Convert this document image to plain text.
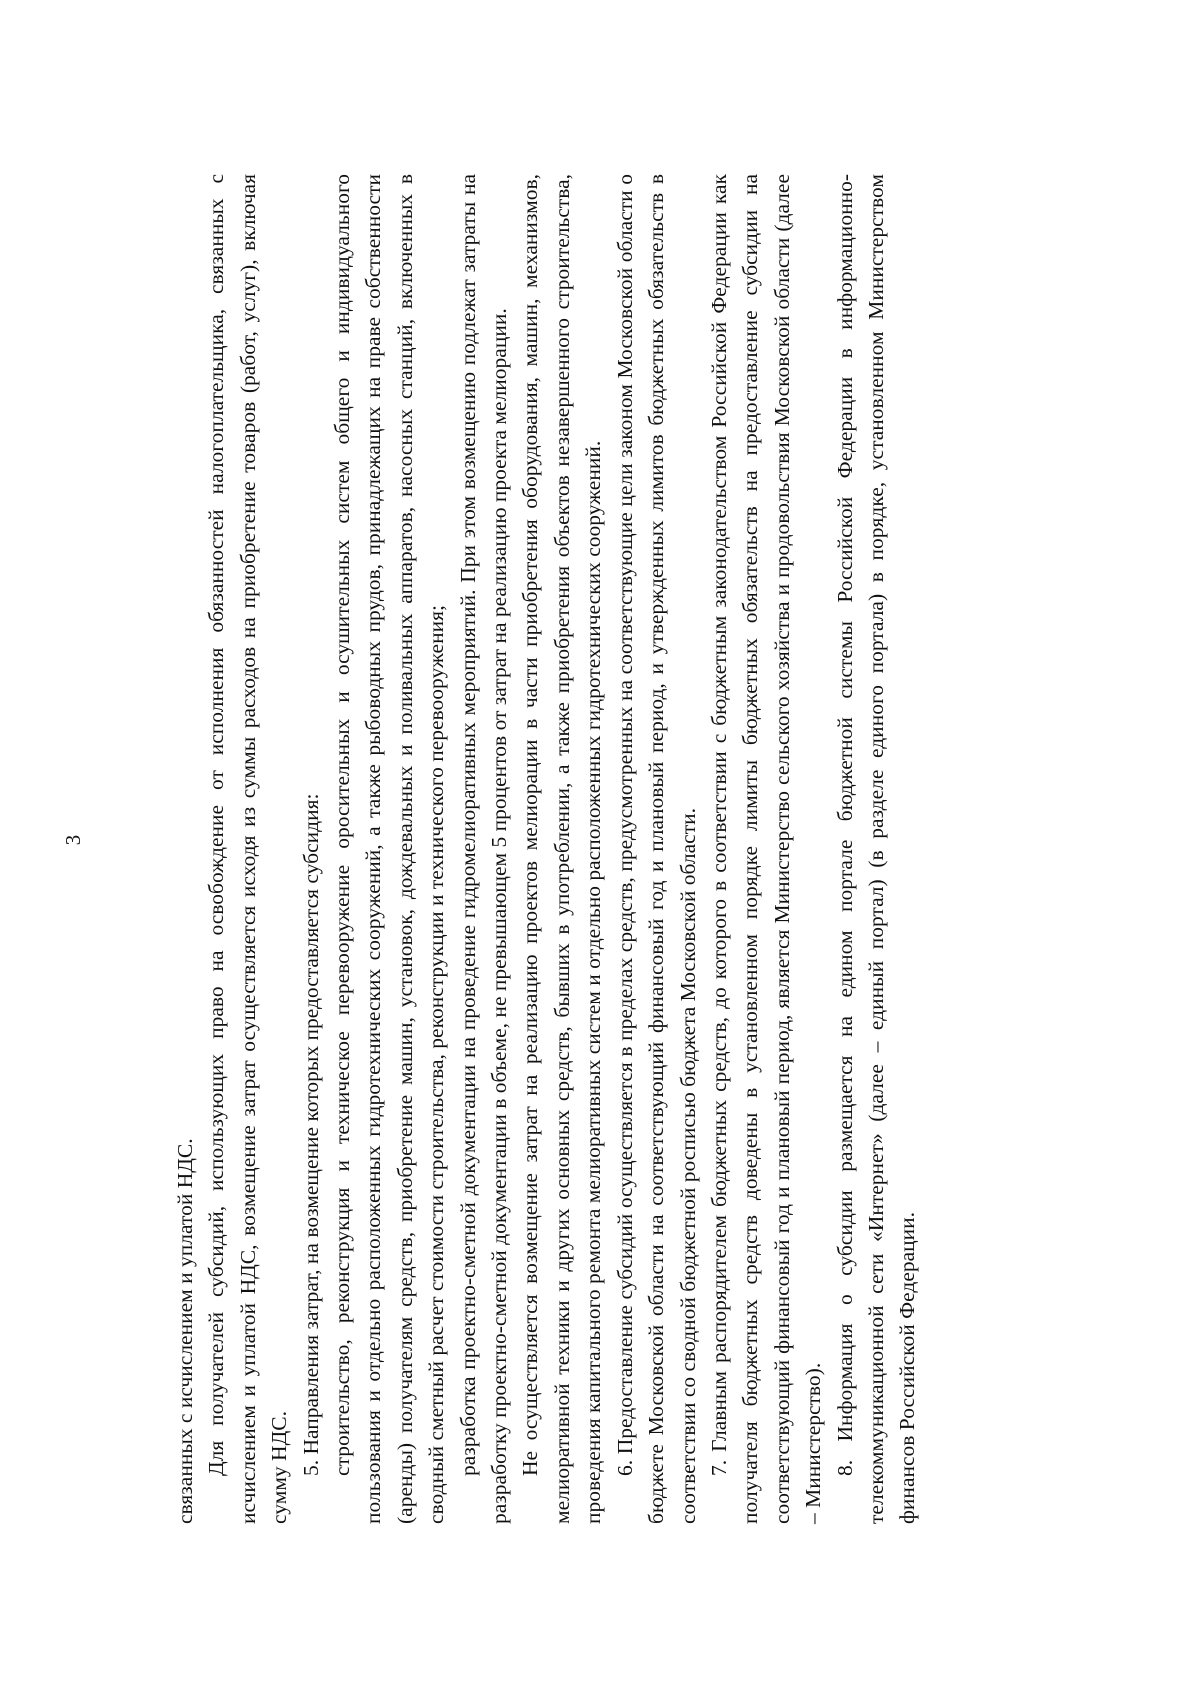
3

связанных с исчислением и уплатой НДС. Для получателей субсидий, использующих право на освобождение от исполнения обязанностей налогоплательщика, связанных с исчислением и уплатой НДС, возмещение затрат осуществляется исходя из суммы расходов на приобретение товаров (работ, услуг), включая сумму НДС. 5. Направления затрат, на возмещение которых предоставляется субсидия: строительство, реконструкция и техническое перевооружение оросительных и осушительных систем общего и индивидуального пользования и отдельно расположенных гидротехнических сооружений, а также рыбоводных прудов, принадлежащих на праве собственности (аренды) получателям средств, приобретение машин, установок, дождевальных и поливальных аппаратов, насосных станций, включенных в сводный сметный расчет стоимости строительства, реконструкции и технического перевооружения; разработка проектно-сметной документации на проведение гидромелиоративных мероприятий. При этом возмещению подлежат затраты на разработку проектно-сметной документации в объеме, не превышающем 5 процентов от затрат на реализацию проекта мелиорации. Не осуществляется возмещение затрат на реализацию проектов мелиорации в части приобретения оборудования, машин, механизмов, мелиоративной техники и других основных средств, бывших в употреблении, а также приобретения объектов незавершенного строительства, проведения капитального ремонта мелиоративных систем и отдельно расположенных гидротехнических сооружений. 6. Предоставление субсидий осуществляется в пределах средств, предусмотренных на соответствующие цели законом Московской области о бюджете Московской области на соответствующий финансовый год и плановый период, и утвержденных лимитов бюджетных обязательств в соответствии со сводной бюджетной росписью бюджета Московской области. 7. Главным распорядителем бюджетных средств, до которого в соответствии с бюджетным законодательством Российской Федерации как получателя бюджетных средств доведены в установленном порядке лимиты бюджетных обязательств на предоставление субсидии на соответствующий финансовый год и плановый период, является Министерство сельского хозяйства и продовольствия Московской области (далее – Министерство). 8. Информация о субсидии размещается на едином портале бюджетной системы Российской Федерации в информационно-телекоммуникационной сети «Интернет» (далее – единый портал) (в разделе единого портала) в порядке, установленном Министерством финансов Российской Федерации.
